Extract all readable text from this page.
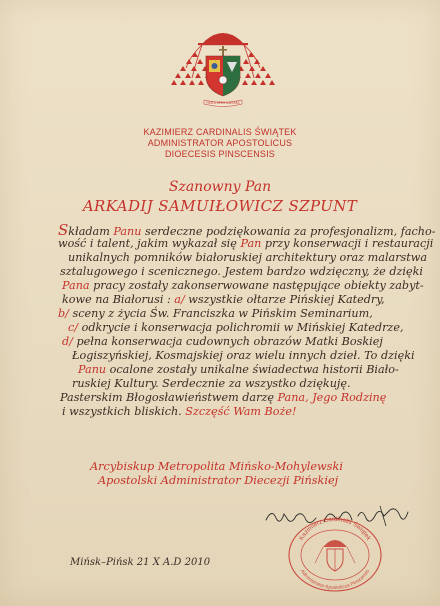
FIDES SPES CARITAS
KAZIMIERZ CARDINALIS ŚWIĄTEK
ADMINISTRATOR APOSTOLICUS
DIOECESIS PINSCENSIS
Szanowny Pan
ARKADIJ SAMUIŁOWICZ SZPUNT
Składam Panu serdeczne podziękowania za profesjonalizm, facho-
wość i talent, jakim wykazał się Pan przy konserwacji i restauracji
unikalnych pomników białoruskiej architektury oraz malarstwa
sztalugowego i scenicznego. Jestem bardzo wdzięczny, że dzięki
Pana pracy zostały zakonserwowane następujące obiekty zabyt-
kowe na Białorusi : a/ wszystkie ołtarze Pińskiej Katedry,
b/ sceny z życia Św. Franciszka w Pińskim Seminarium,
c/ odkrycie i konserwacja polichromii w Mińskiej Katedrze,
d/ pełna konserwacja cudownych obrazów Matki Boskiej
Łogiszyńskiej, Kosmajskiej oraz wielu innych dzieł. To dzięki
Panu ocalone zostały unikalne świadectwa historii Biało-
ruskiej Kultury. Serdecznie za wszystko dziękuję.
Pasterskim Błogosławieństwem darzę Pana, Jego Rodzinę
i wszystkich bliskich. Szczęść Wam Boże!
Arcybiskup Metropolita Mińsko-Mohylewski
Apostolski Administrator Diecezji Pińskiej
Kazimierz Cardinalis Świątek
Administrator Apostolicus Pinscensis
Mińsk–Pińsk 21 X A.D 2010
